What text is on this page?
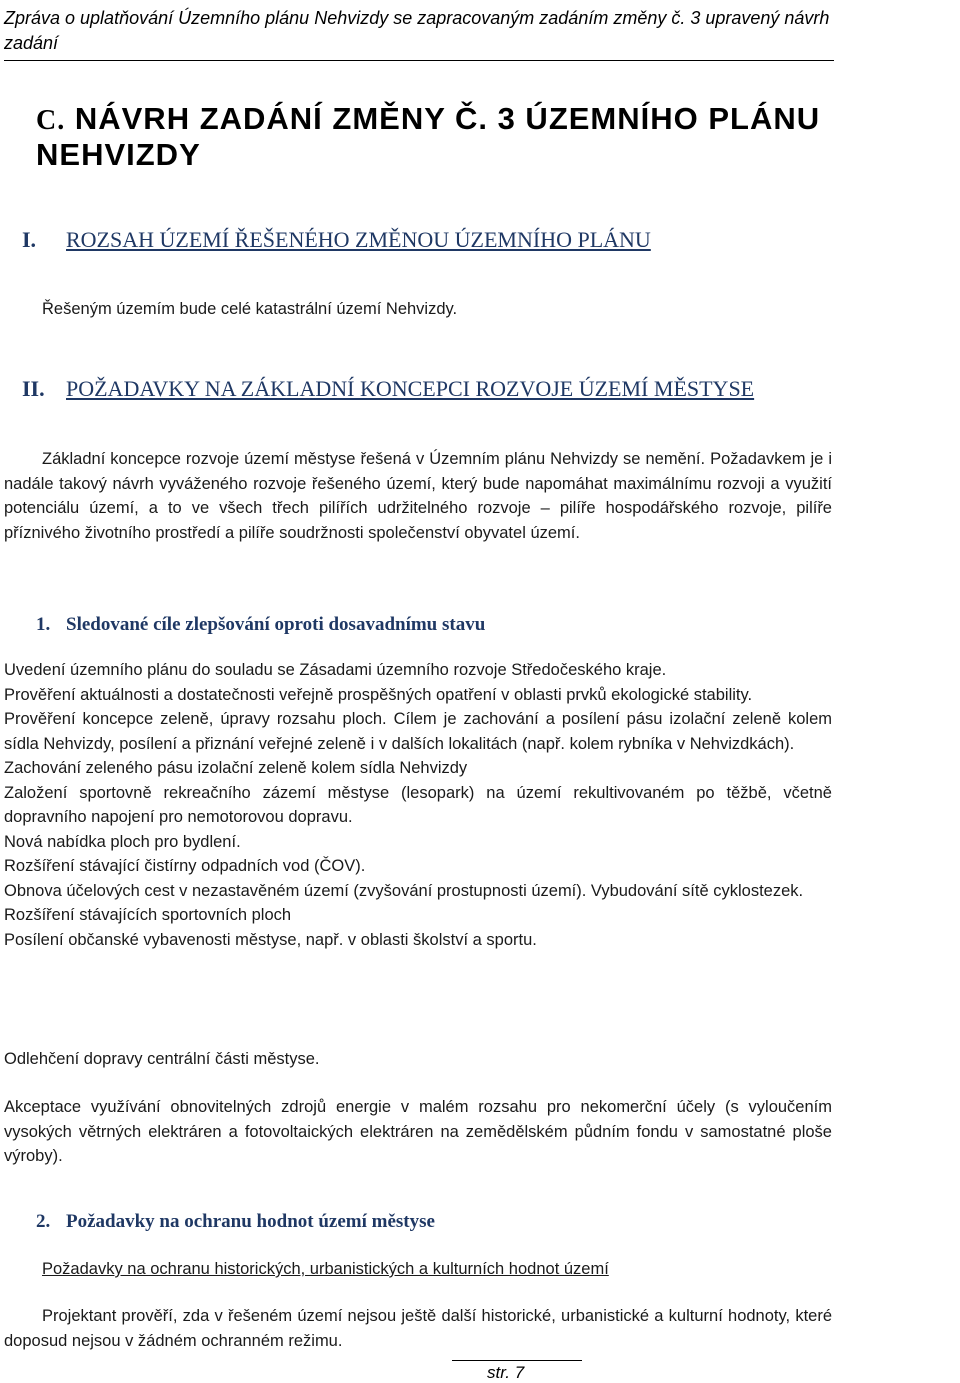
Zpráva o uplatňování Územního plánu Nehvizdy se zapracovaným zadáním změny č. 3 upravený návrh zadání
C. NÁVRH ZADÁNÍ ZMĚNY Č. 3 ÚZEMNÍHO PLÁNU NEHVIZDY
I. ROZSAH ÚZEMÍ ŘEŠENÉHO ZMĚNOU ÚZEMNÍHO PLÁNU
Řešeným územím bude celé katastrální území Nehvizdy.
II. POŽADAVKY NA ZÁKLADNÍ KONCEPCI ROZVOJE ÚZEMÍ MĚSTYSE
Základní koncepce rozvoje území městyse řešená v Územním plánu Nehvizdy se nemění. Požadavkem je i nadále takový návrh vyváženého rozvoje řešeného území, který bude napomáhat maximálnímu rozvoji a využití potenciálu území, a to ve všech třech pilířích udržitelného rozvoje – pilíře hospodářského rozvoje, pilíře příznivého životního prostředí a pilíře soudržnosti společenství obyvatel území.
1. Sledované cíle zlepšování oproti dosavadnímu stavu

Uvedení územního plánu do souladu se Zásadami územního rozvoje Středočeského kraje.

Prověření aktuálnosti a dostatečnosti veřejně prospěšných opatření v oblasti prvků ekologické stability.

Prověření koncepce zeleně, úpravy rozsahu ploch. Cílem je zachování a posílení pásu izolační zeleně kolem sídla Nehvizdy, posílení a přiznání veřejné zeleně i v dalších lokalitách (např. kolem rybníka v Nehvizdkách).

Zachování zeleného pásu izolační zeleně kolem sídla Nehvizdy

Založení sportovně rekreačního zázemí městyse (lesopark) na území rekultivovaném po těžbě, včetně dopravního napojení pro nemotorovou dopravu.

Nová nabídka ploch pro bydlení.

Rozšíření stávající čistírny odpadních vod (ČOV).

Obnova účelových cest v nezastavěném území (zvyšování prostupnosti území). Vybudování sítě cyklostezek.

Rozšíření stávajících sportovních ploch

Posílení občanské vybavenosti městyse, např. v oblasti školství a sportu.

Odlehčení dopravy centrální části městyse.
Akceptace využívání obnovitelných zdrojů energie v malém rozsahu pro nekomerční účely (s vyloučením vysokých větrných elektráren a fotovoltaických elektráren na zemědělském půdním fondu v samostatné ploše výroby).
2. Požadavky na ochranu hodnot území městyse
Požadavky na ochranu historických, urbanistických a kulturních hodnot území
Projektant prověří, zda v řešeném území nejsou ještě další historické, urbanistické a kulturní hodnoty, které doposud nejsou v žádném ochranném režimu.
str. 7
